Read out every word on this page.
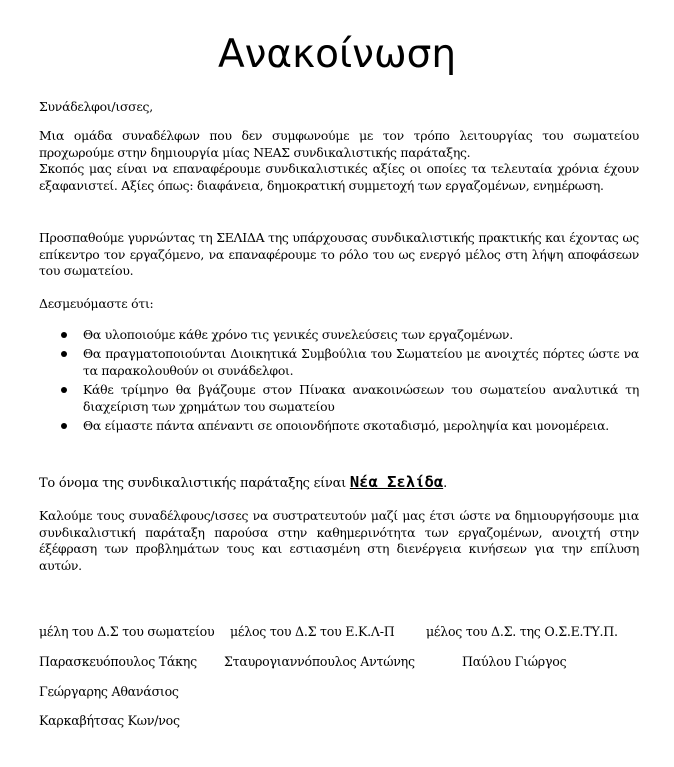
Ανακοίνωση

Συνάδελφοι/ισσες,

Μια ομάδα συναδέλφων που δεν συμφωνούμε με τον τρόπο λειτουργίας του σωματείου προχωρούμε στην δημιουργία μίας ΝΕΑΣ συνδικαλιστικής παράταξης.

Σκοπός μας είναι να επαναφέρουμε συνδικαλιστικές αξίες οι οποίες τα τελευταία χρόνια έχουν εξαφανιστεί. Αξίες όπως: διαφάνεια, δημοκρατική συμμετοχή των εργαζομένων, ενημέρωση.

Προσπαθούμε γυρνώντας τη ΣΕΛΙΔΑ της υπάρχουσας συνδικαλιστικής πρακτικής και έχοντας ως επίκεντρο τον εργαζόμενο, να επαναφέρουμε το ρόλο του ως ενεργό μέλος στη λήψη αποφάσεων του σωματείου.

Δεσμευόμαστε ότι:

Θα υλοποιούμε κάθε χρόνο τις γενικές συνελεύσεις των εργαζομένων.
Θα πραγματοποιούνται Διοικητικά Συμβούλια του Σωματείου με ανοιχτές πόρτες ώστε να τα παρακολουθούν οι συνάδελφοι.
Κάθε τρίμηνο θα βγάζουμε στον Πίνακα ανακοινώσεων του σωματείου αναλυτικά τη διαχείριση των χρημάτων του σωματείου
Θα είμαστε πάντα απέναντι σε οποιονδήποτε σκοταδισμό, μεροληψία και μονομέρεια.
Το όνομα της συνδικαλιστικής παράταξης είναι Νέα Σελίδα.

Καλούμε τους συναδέλφους/ισσες να συστρατευτούν μαζί μας έτσι ώστε να δημιουργήσουμε μια συνδικαλιστική παράταξη παρούσα στην καθημερινότητα των εργαζομένων, ανοιχτή στην έξέφραση των προβλημάτων τους και εστιασμένη στη διενέργεια κινήσεων για την επίλυση αυτών.

μέλη του Δ.Σ του σωματείου μέλος του Δ.Σ του Ε.Κ.Λ-Π	μέλος του Δ.Σ. της Ο.Σ.Ε.ΤΥ.Π.
Παρασκευόπουλος Τάκης Σταυρογιαννόπουλος Αντώνης	Παύλου Γιώργος
Γεώργαρης Αθανάσιος
Καρκαβήτσας Κων/νος
